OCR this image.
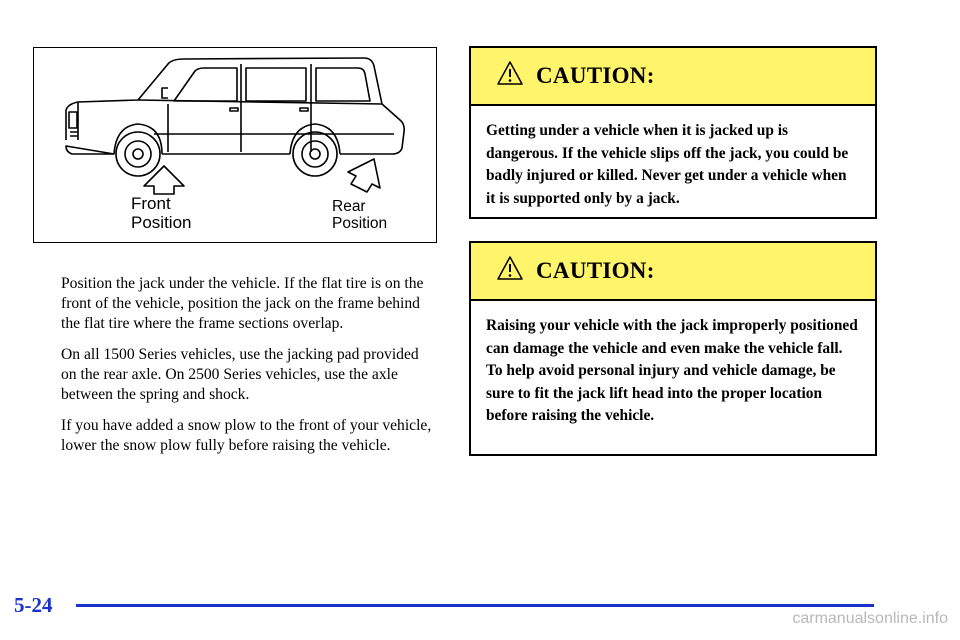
Front
Position
Rear
Position

Position the jack under the vehicle. If the flat tire is on the front of the vehicle, position the jack on the frame behind the flat tire where the frame sections overlap.

On all 1500 Series vehicles, use the jacking pad provided on the rear axle. On 2500 Series vehicles, use the axle between the spring and shock.

If you have added a snow plow to the front of your vehicle, lower the snow plow fully before raising the vehicle.

CAUTION:
Getting under a vehicle when it is jacked up is dangerous. If the vehicle slips off the jack, you could be badly injured or killed. Never get under a vehicle when it is supported only by a jack.
CAUTION:
Raising your vehicle with the jack improperly positioned can damage the vehicle and even make the vehicle fall. To help avoid personal injury and vehicle damage, be sure to fit the jack lift head into the proper location before raising the vehicle.
5-24
carmanualsonline.info
